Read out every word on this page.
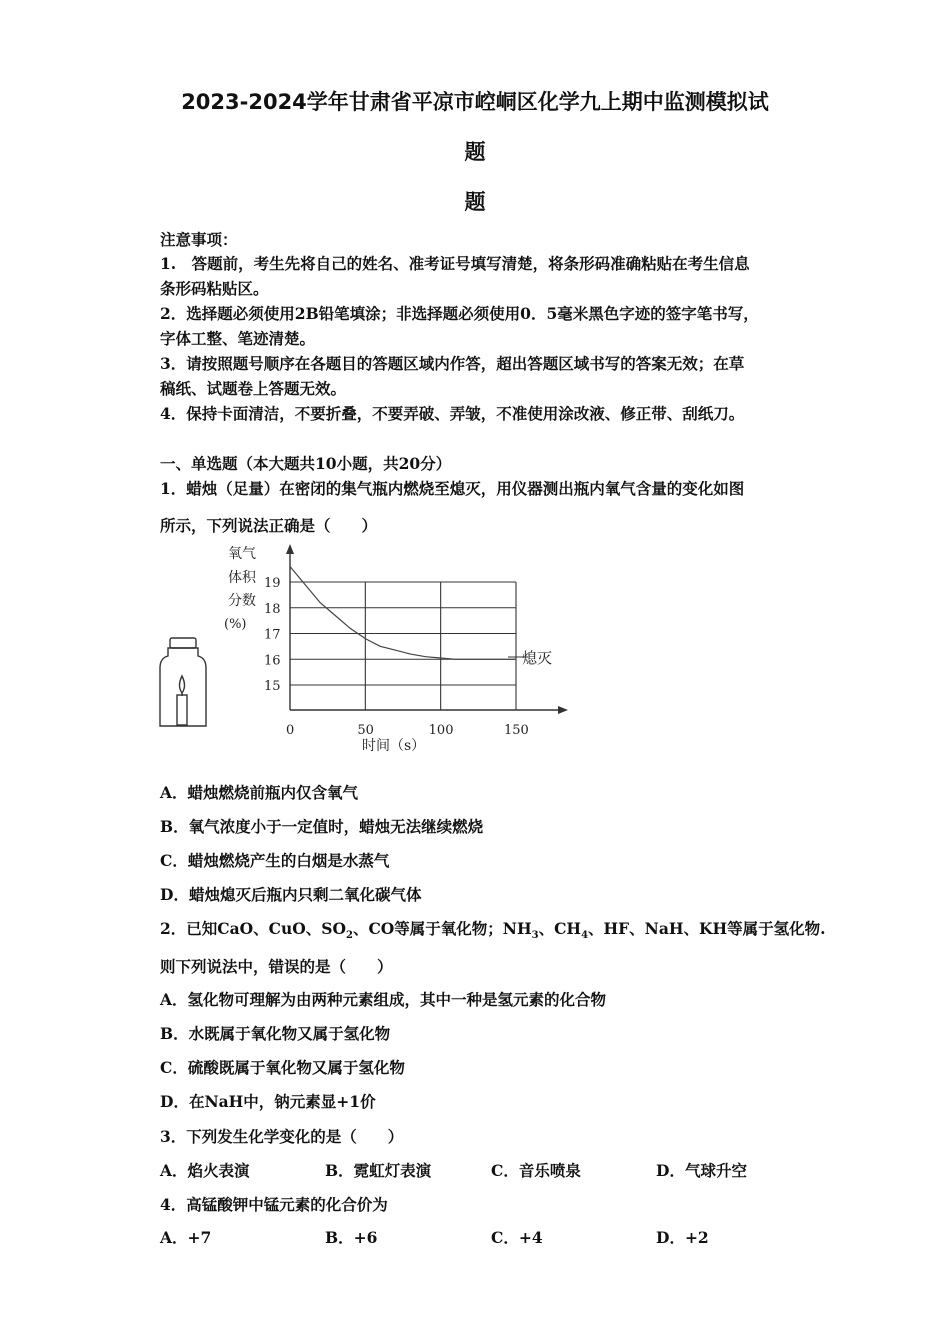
2023-2024学年甘肃省平凉市崆峒区化学九上期中监测模拟试
题
题
注意事项：
1.　答题前，考生先将自己的姓名、准考证号填写清楚，将条形码准确粘贴在考生信息
条形码粘贴区。
2．选择题必须使用2B铅笔填涂；非选择题必须使用0．5毫米黑色字迹的签字笔书写，
字体工整、笔迹清楚。
3．请按照题号顺序在各题目的答题区域内作答，超出答题区域书写的答案无效；在草
稿纸、试题卷上答题无效。
4．保持卡面清洁，不要折叠，不要弄破、弄皱，不准使用涂改液、修正带、刮纸刀。
一、单选题（本大题共10小题，共20分）
1．蜡烛（足量）在密闭的集气瓶内燃烧至熄灭，用仪器测出瓶内氧气含量的变化如图
所示，下列说法正确是（　　）
15
16
17
18
19
0	50	100	150
氧气
体积
分数
(%)
时间（s）
熄灭
A．蜡烛燃烧前瓶内仅含氧气
B．氧气浓度小于一定值时，蜡烛无法继续燃烧
C．蜡烛燃烧产生的白烟是水蒸气
D．蜡烛熄灭后瓶内只剩二氧化碳气体
2．已知CaO、CuO、$SO_2$、CO等属于氧化物；$NH_3$、$CH_4$、HF、NaH、KH等属于氢化物.
则下列说法中，错误的是（　　）
A．氢化物可理解为由两种元素组成，其中一种是氢元素的化合物
B．水既属于氧化物又属于氢化物
C．硫酸既属于氧化物又属于氢化物
D．在NaH中，钠元素显+1价
3．下列发生化学变化的是（　　）
A．焰火表演	B．霓虹灯表演	C．音乐喷泉	D．气球升空
4．高锰酸钾中锰元素的化合价为
A．+7	B．+6	C．+4	D．+2
